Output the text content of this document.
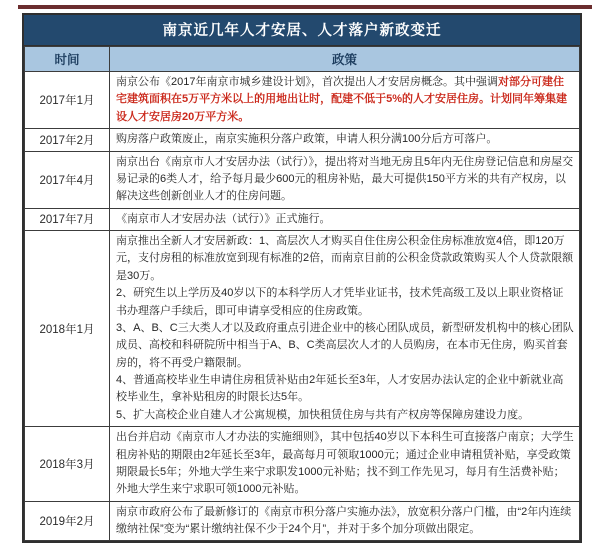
南京近几年人才安居、人才落户新政变迁
时间	政策
2017年1月	南京公布《2017年南京市城乡建设计划》，首次提出人才安居房概念。其中强调对部分可建住宅建筑面积在5万平方米以上的用地出让时，配建不低于5%的人才安居住房。计划同年筹集建设人才安居房20万平方米。

2017年2月	购房落户政策废止，南京实施积分落户政策，申请人积分满100分后方可落户。

2017年4月	南京出台《南京市人才安居办法（试行）》，提出将对当地无房且5年内无住房登记信息和房屋交易记录的6类人才，给予每月最少600元的租房补贴，最大可提供150平方米的共有产权房，以解决这些创新创业人才的住房问题。

2017年7月	《南京市人才安居办法（试行）》正式施行。

2018年1月	南京推出全新人才安居新政：1、高层次人才购买自住住房公积金住房标准放宽4倍，即120万元，支付房租的标准放宽到现有标准的2倍，而南京目前的公积金贷款政策购买人个人贷款限额是30万。
2、研究生以上学历及40岁以下的本科学历人才凭毕业证书，技术凭高级工及以上职业资格证书办理落户手续后，即可申请享受相应的住房政策。
3、A、B、C三大类人才以及政府重点引进企业中的核心团队成员，新型研发机构中的核心团队成员、高校和科研院所中相当于A、B、C类高层次人才的人员购房，在本市无住房，购买首套房的，将不再受户籍限制。
4、普通高校毕业生申请住房租赁补贴由2年延长至3年，人才安居办法认定的企业中新就业高校毕业生，拿补贴租房的时限长达5年。
5、扩大高校企业自建人才公寓规模，加快租赁住房与共有产权房等保障房建设力度。

2018年3月	出台并启动《南京市人才办法的实施细则》，其中包括40岁以下本科生可直接落户南京；大学生租房补贴的期限由2年延长至3年，最高每月可领取1000元；通过企业申请租赁补贴，享受政策期限最长5年；外地大学生来宁求职发1000元补贴；找不到工作先见习，每月有生活费补贴；外地大学生来宁求职可领1000元补贴。

2019年2月	南京市政府公布了最新修订的《南京市积分落户实施办法》，放宽积分落户门槛，由“2年内连续缴纳社保”变为“累计缴纳社保不少于24个月”，并对于多个加分项做出限定。
